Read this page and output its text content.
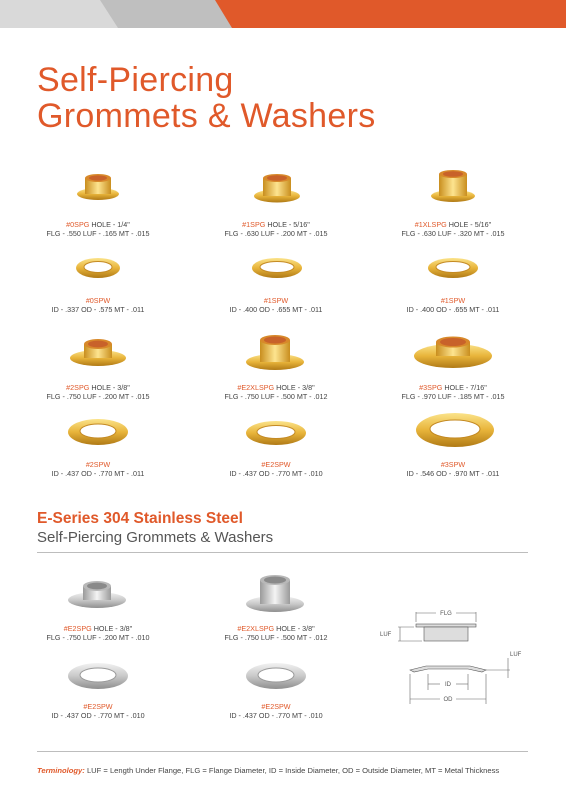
Self-Piercing
Grommets & Washers
#0SPG HOLE - 1/4"
FLG - .550 LUF - .165 MT - .015
#1SPG HOLE - 5/16"
FLG - .630 LUF - .200 MT - .015
#1XLSPG HOLE - 5/16"
FLG - .630 LUF - .320 MT - .015
#0SPW
ID - .337 OD - .575 MT - .011
#1SPW
ID - .400 OD - .655 MT - .011
#1SPW
ID - .400 OD - .655 MT - .011
#2SPG HOLE - 3/8"
FLG - .750 LUF - .200 MT - .015
#E2XLSPG HOLE - 3/8"
FLG - .750 LUF - .500 MT - .012
#3SPG HOLE - 7/16"
FLG - .970 LUF - .185 MT - .015
#2SPW
ID - .437 OD - .770 MT - .011
#E2SPW
ID - .437 OD - .770 MT - .010
#3SPW
ID - .546 OD - .970 MT - .011
E-Series 304 Stainless Steel
Self-Piercing Grommets & Washers
#E2SPG HOLE - 3/8"
FLG - .750 LUF - .200 MT - .010
#E2XLSPG HOLE - 3/8"
FLG - .750 LUF - .500 MT - .012
#E2SPW
ID - .437 OD - .770 MT - .010
#E2SPW
ID - .437 OD - .770 MT - .010
FLG
LUF
LUF
ID
OD
Terminology: LUF = Length Under Flange, FLG = Flange Diameter, ID = Inside Diameter, OD = Outside Diameter, MT = Metal Thickness
